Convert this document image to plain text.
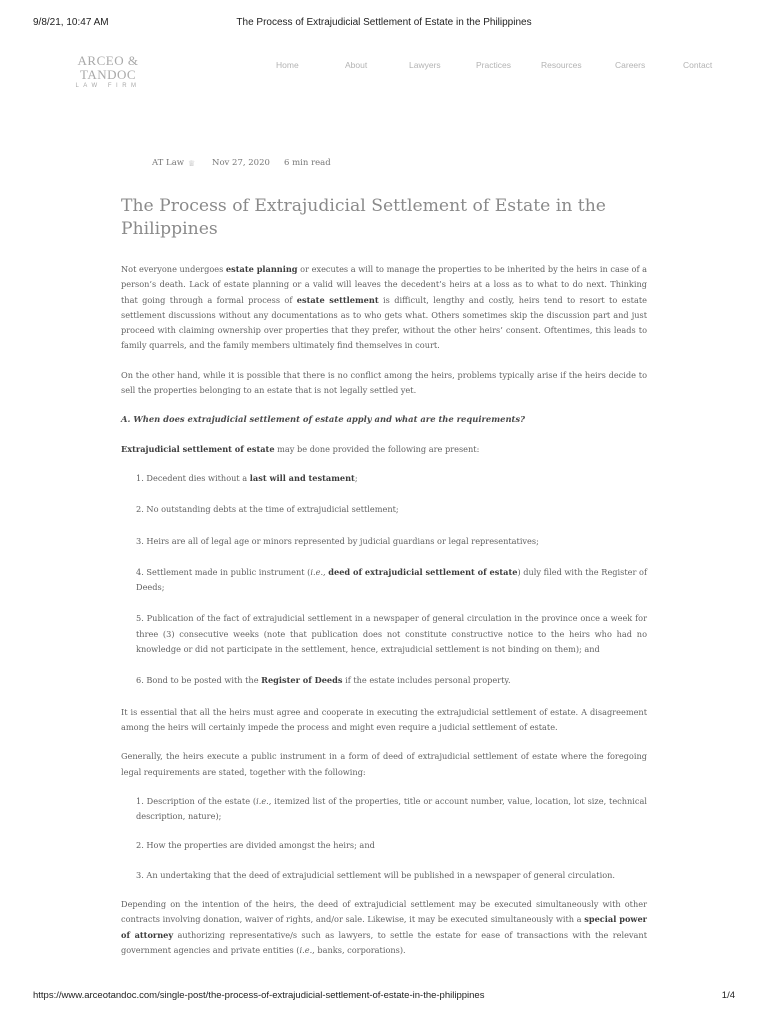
9/8/21, 10:47 AM	The Process of Extrajudicial Settlement of Estate in the Philippines
ARCEO & TANDOC
LAW FIRM
Home	About	Lawyers	Practices	Resources	Careers	Contact
AT Law ♕ Nov 27, 2020 6 min read
The Process of Extrajudicial Settlement of Estate in the Philippines

Not everyone undergoes estate planning or executes a will to manage the properties to be inherited by the heirs in case of a person’s death. Lack of estate planning or a valid will leaves the decedent’s heirs at a loss as to what to do next. Thinking that going through a formal process of estate settlement is difficult, lengthy and costly, heirs tend to resort to estate settlement discussions without any documentations as to who gets what. Others sometimes skip the discussion part and just proceed with claiming ownership over properties that they prefer, without the other heirs’ consent. Oftentimes, this leads to family quarrels, and the family members ultimately find themselves in court.

On the other hand, while it is possible that there is no conflict among the heirs, problems typically arise if the heirs decide to sell the properties belonging to an estate that is not legally settled yet.

A. When does extrajudicial settlement of estate apply and what are the requirements?

Extrajudicial settlement of estate may be done provided the following are present:

1. Decedent dies without a last will and testament;
2. No outstanding debts at the time of extrajudicial settlement;
3. Heirs are all of legal age or minors represented by judicial guardians or legal representatives;
4. Settlement made in public instrument (i.e., deed of extrajudicial settlement of estate) duly filed with the Register of Deeds;
5. Publication of the fact of extrajudicial settlement in a newspaper of general circulation in the province once a week for three (3) consecutive weeks (note that publication does not constitute constructive notice to the heirs who had no knowledge or did not participate in the settlement, hence, extrajudicial settlement is not binding on them); and
6. Bond to be posted with the Register of Deeds if the estate includes personal property.

It is essential that all the heirs must agree and cooperate in executing the extrajudicial settlement of estate. A disagreement among the heirs will certainly impede the process and might even require a judicial settlement of estate.

Generally, the heirs execute a public instrument in a form of deed of extrajudicial settlement of estate where the foregoing legal requirements are stated, together with the following:

1. Description of the estate (i.e., itemized list of the properties, title or account number, value, location, lot size, technical description, nature);
2. How the properties are divided amongst the heirs; and
3. An undertaking that the deed of extrajudicial settlement will be published in a newspaper of general circulation.

Depending on the intention of the heirs, the deed of extrajudicial settlement may be executed simultaneously with other contracts involving donation, waiver of rights, and/or sale. Likewise, it may be executed simultaneously with a special power of attorney authorizing representative/s such as lawyers, to settle the estate for ease of transactions with the relevant government agencies and private entities (i.e., banks, corporations).

https://www.arceotandoc.com/single-post/the-process-of-extrajudicial-settlement-of-estate-in-the-philippines	1/4
